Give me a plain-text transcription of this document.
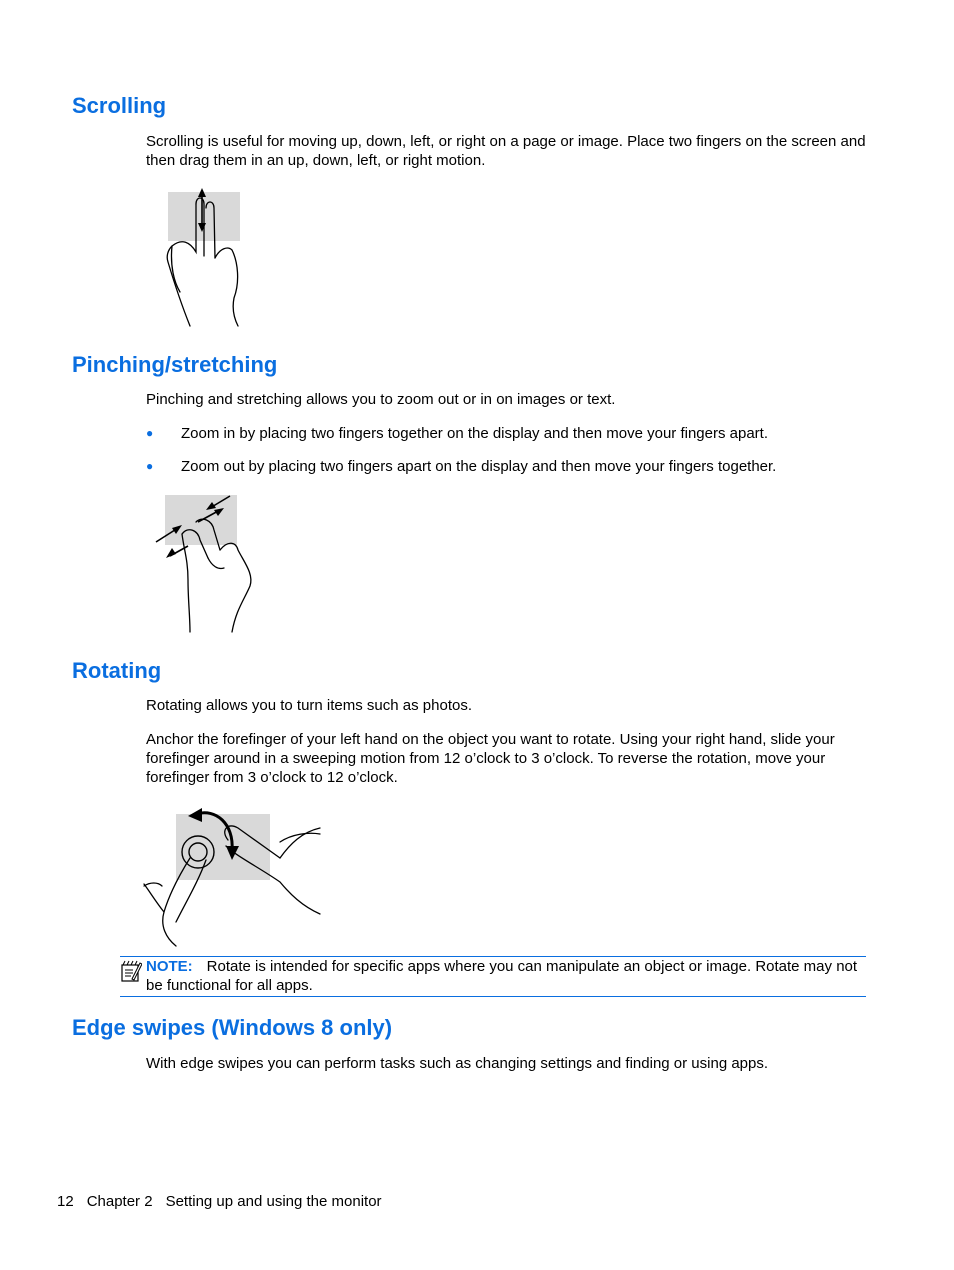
Scrolling

Scrolling is useful for moving up, down, left, or right on a page or image. Place two fingers on the screen and then drag them in an up, down, left, or right motion.

Pinching/stretching

Pinching and stretching allows you to zoom out or in on images or text.

● Zoom in by placing two fingers together on the display and then move your fingers apart.
● Zoom out by placing two fingers apart on the display and then move your fingers together.
Rotating

Rotating allows you to turn items such as photos.

Anchor the forefinger of your left hand on the object you want to rotate. Using your right hand, slide your forefinger around in a sweeping motion from 12 o’clock to 3 o’clock. To reverse the rotation, move your forefinger from 3 o’clock to 12 o’clock.

NOTE: Rotate is intended for specific apps where you can manipulate an object or image. Rotate may not be functional for all apps.
Edge swipes (Windows 8 only)

With edge swipes you can perform tasks such as changing settings and finding or using apps.

12 Chapter 2 Setting up and using the monitor
